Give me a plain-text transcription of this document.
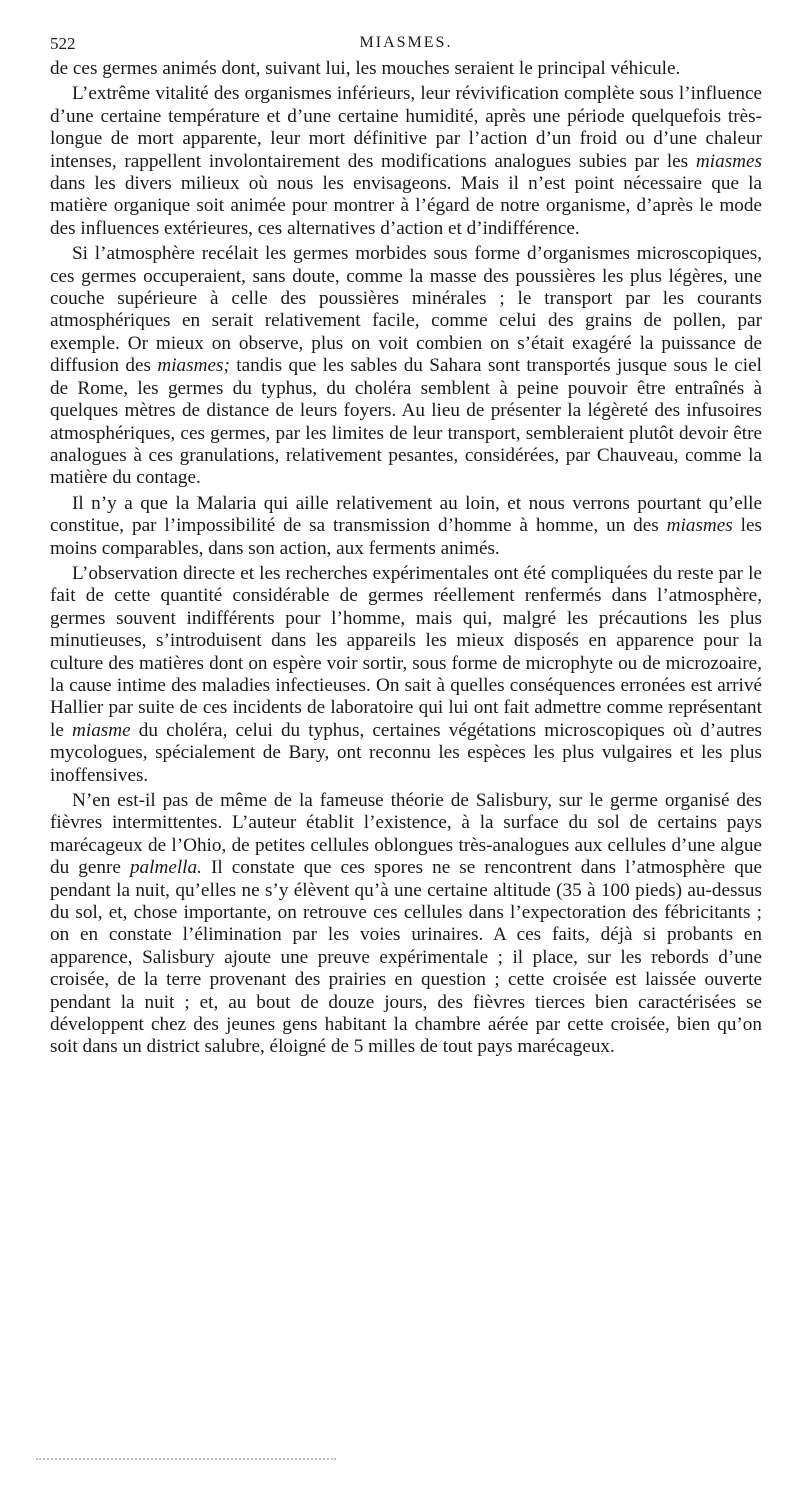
522	MIASMES.

de ces germes animés dont, suivant lui, les mouches seraient le principal véhicule.

L’extrême vitalité des organismes inférieurs, leur révivification complète sous l’influence d’une certaine température et d’une certaine humidité, après une période quelquefois très-longue de mort apparente, leur mort définitive par l’action d’un froid ou d’une chaleur intenses, rappellent involontairement des modifications analogues subies par les miasmes dans les divers milieux où nous les envisageons. Mais il n’est point nécessaire que la matière organique soit animée pour montrer à l’égard de notre organisme, d’après le mode des influences extérieures, ces alternatives d’action et d’indifférence.

Si l’atmosphère recélait les germes morbides sous forme d’organismes microscopiques, ces germes occuperaient, sans doute, comme la masse des poussières les plus légères, une couche supérieure à celle des poussières minérales ; le transport par les courants atmosphériques en serait relativement facile, comme celui des grains de pollen, par exemple. Or mieux on observe, plus on voit combien on s’était exagéré la puissance de diffusion des miasmes; tandis que les sables du Sahara sont transportés jusque sous le ciel de Rome, les germes du typhus, du choléra semblent à peine pouvoir être entraînés à quelques mètres de distance de leurs foyers. Au lieu de présenter la légèreté des infusoires atmosphériques, ces germes, par les limites de leur transport, sembleraient plutôt devoir être analogues à ces granulations, relativement pesantes, considérées, par Chauveau, comme la matière du contage.

Il n’y a que la Malaria qui aille relativement au loin, et nous verrons pourtant qu’elle constitue, par l’impossibilité de sa transmission d’homme à homme, un des miasmes les moins comparables, dans son action, aux ferments animés.

L’observation directe et les recherches expérimentales ont été compliquées du reste par le fait de cette quantité considérable de germes réellement renfermés dans l’atmosphère, germes souvent indifférents pour l’homme, mais qui, malgré les précautions les plus minutieuses, s’introduisent dans les appareils les mieux disposés en apparence pour la culture des matières dont on espère voir sortir, sous forme de microphyte ou de microzoaire, la cause intime des maladies infectieuses. On sait à quelles conséquences erronées est arrivé Hallier par suite de ces incidents de laboratoire qui lui ont fait admettre comme représentant le miasme du choléra, celui du typhus, certaines végétations microscopiques où d’autres mycologues, spécialement de Bary, ont reconnu les espèces les plus vulgaires et les plus inoffensives.

N’en est-il pas de même de la fameuse théorie de Salisbury, sur le germe organisé des fièvres intermittentes. L’auteur établit l’existence, à la surface du sol de certains pays marécageux de l’Ohio, de petites cellules oblongues très-analogues aux cellules d’une algue du genre palmella. Il constate que ces spores ne se rencontrent dans l’atmosphère que pendant la nuit, qu’elles ne s’y élèvent qu’à une certaine altitude (35 à 100 pieds) au-dessus du sol, et, chose importante, on retrouve ces cellules dans l’expectoration des fébricitants ; on en constate l’élimination par les voies urinaires. A ces faits, déjà si probants en apparence, Salisbury ajoute une preuve expérimentale ; il place, sur les rebords d’une croisée, de la terre provenant des prairies en question ; cette croisée est laissée ouverte pendant la nuit ; et, au bout de douze jours, des fièvres tierces bien caractérisées se développent chez des jeunes gens habitant la chambre aérée par cette croisée, bien qu’on soit dans un district salubre, éloigné de 5 milles de tout pays marécageux.
